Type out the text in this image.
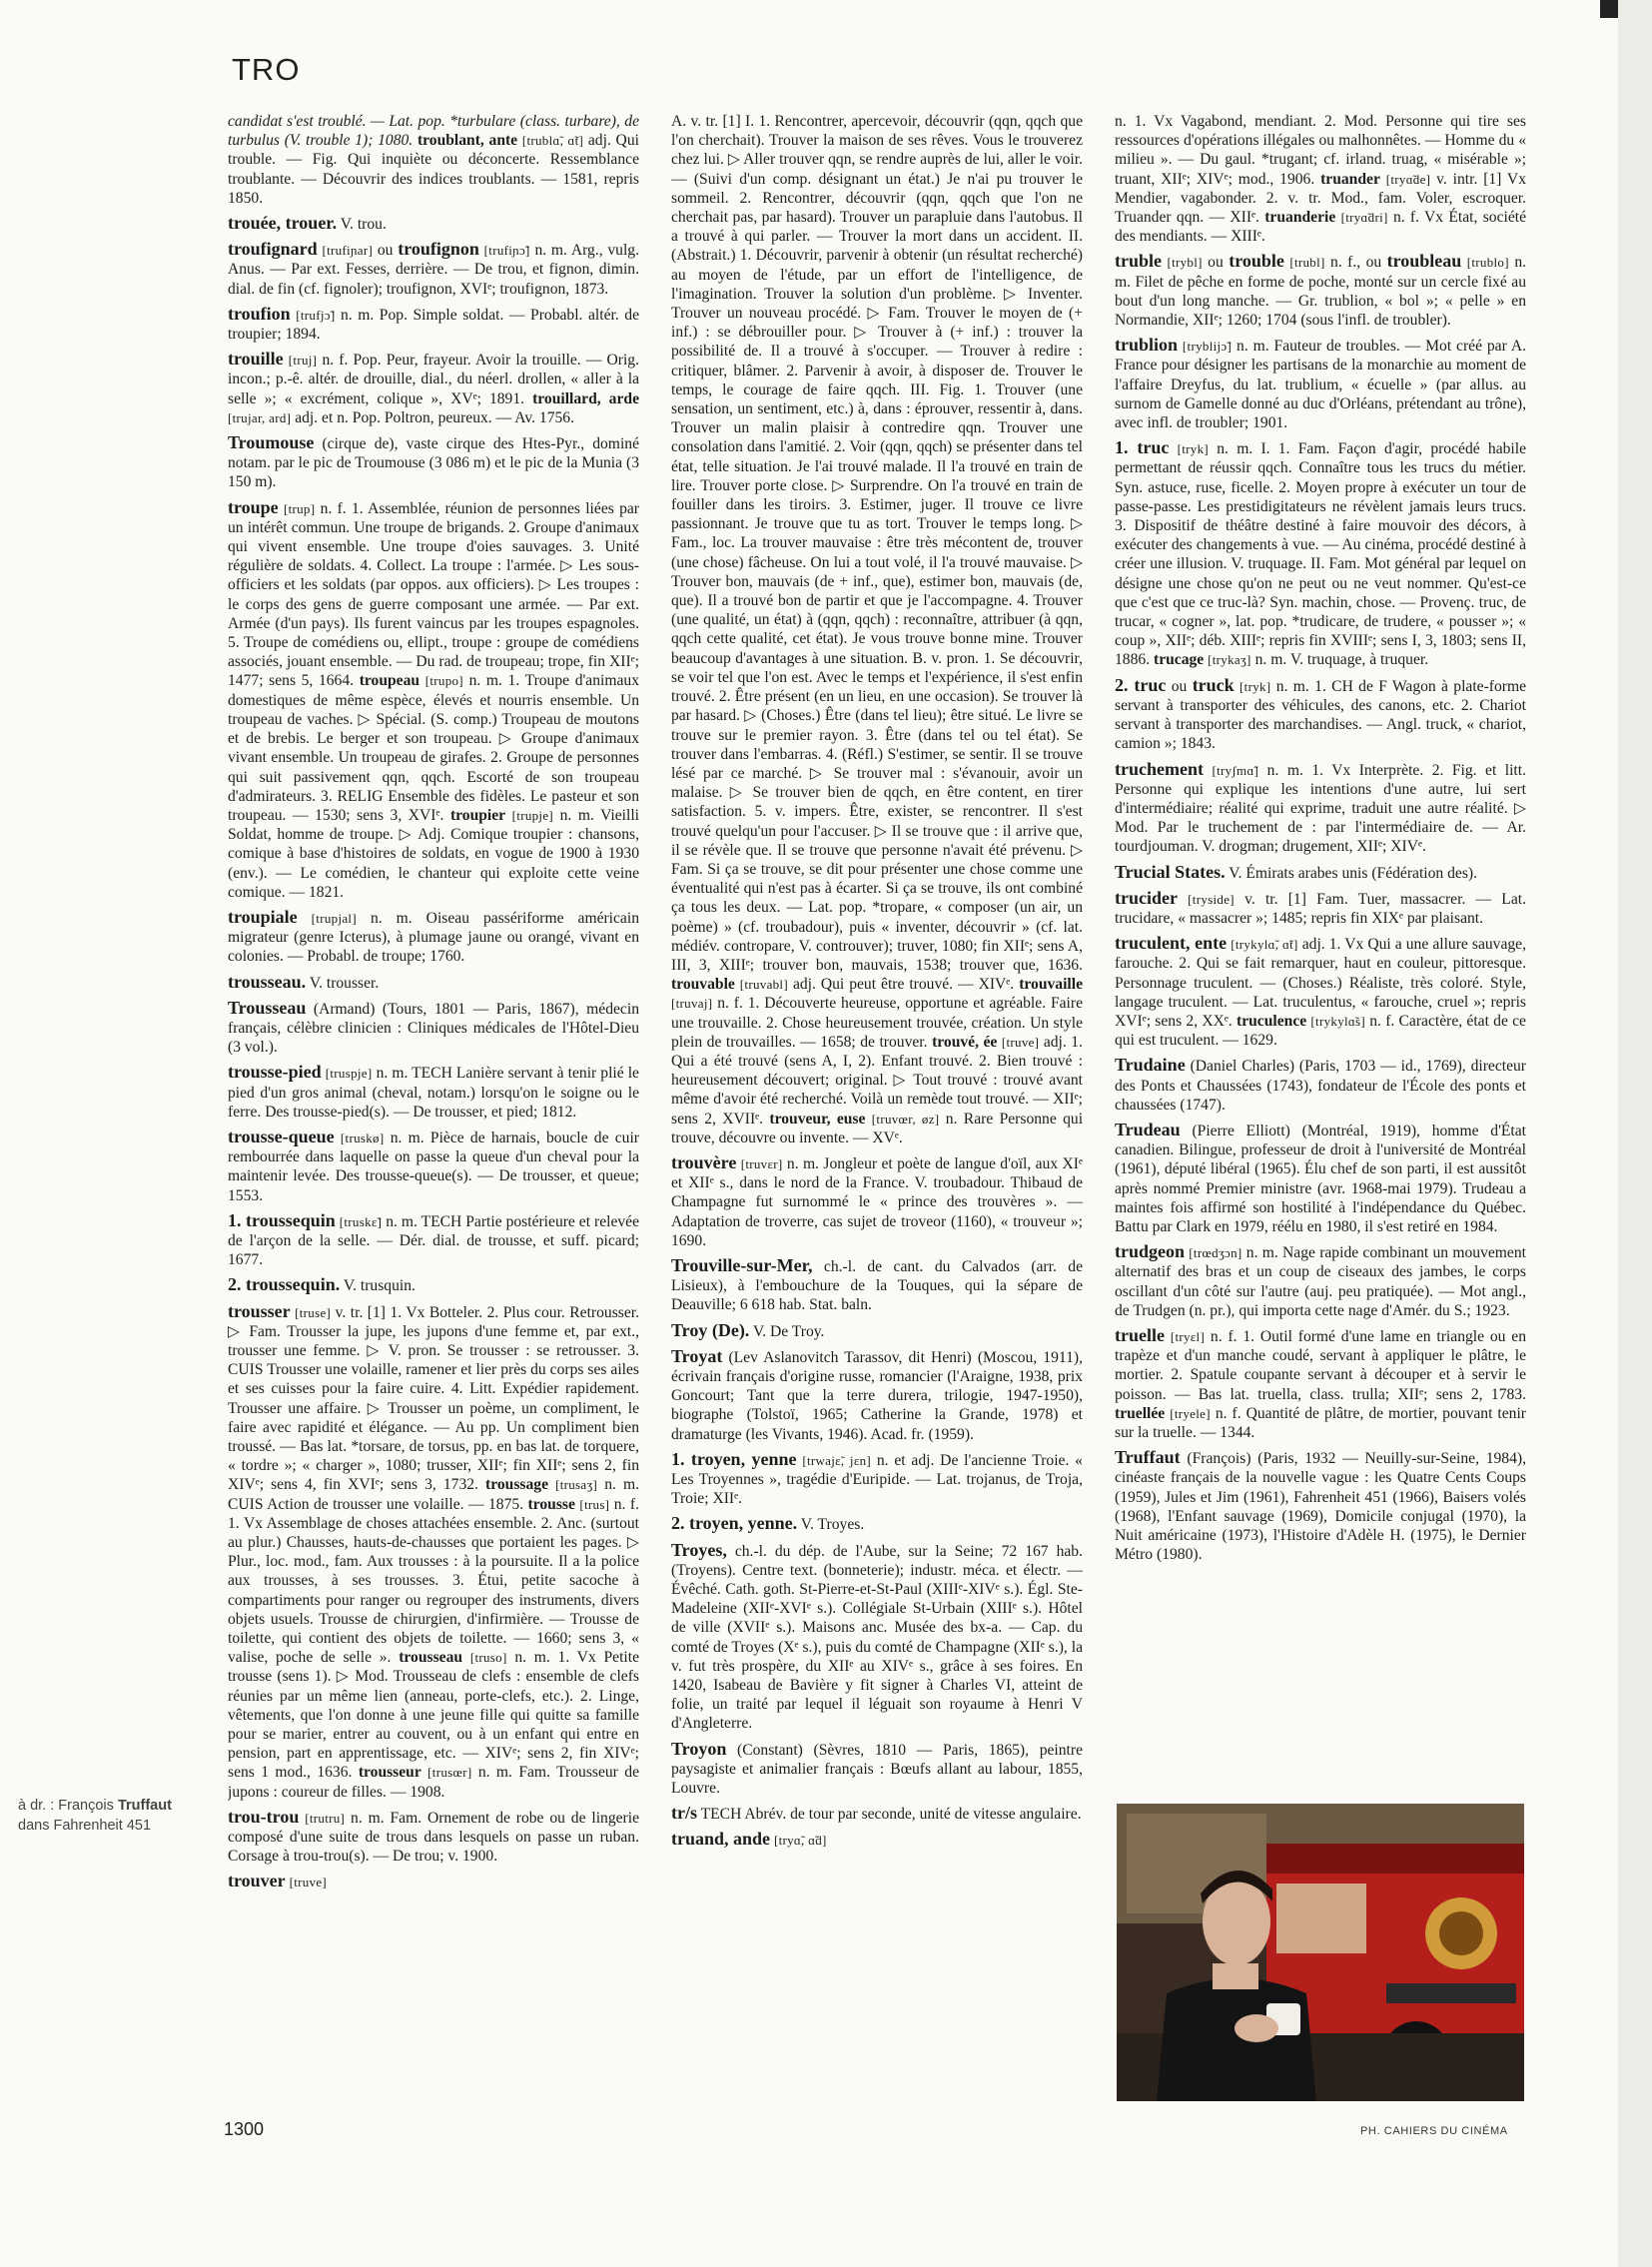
TRO

candidat s'est troublé. — Lat. pop. *turbulare (class. turbare), de turbulus (V. trouble 1); 1080. troublant, ante [trublɑ̃, ɑ̃t] adj. Qui trouble. — Fig. Qui inquiète ou déconcerte. Ressemblance troublante. — Découvrir des indices troublants. — 1581, repris 1850.

trouée, trouer. V. trou.

troufignard [trufiɲar] ou troufignon [trufiɲɔ̃] n. m. Arg., vulg. Anus. — Par ext. Fesses, derrière. — De trou, et fignon, dimin. dial. de fin (cf. fignoler); troufignon, XVIᵉ; troufignon, 1873.

troufion [trufjɔ̃] n. m. Pop. Simple soldat. — Probabl. altér. de troupier; 1894.

trouille [truj] n. f. Pop. Peur, frayeur. Avoir la trouille. — Orig. incon.; p.-ê. altér. de drouille, dial., du néerl. drollen, « aller à la selle »; « excrément, colique », XVᵉ; 1891. trouillard, arde [trujar, ard] adj. et n. Pop. Poltron, peureux. — Av. 1756.

Troumouse (cirque de), vaste cirque des Htes-Pyr., dominé notam. par le pic de Troumouse (3 086 m) et le pic de la Munia (3 150 m).

troupe [trup] n. f. 1. Assemblée, réunion de personnes liées par un intérêt commun. Une troupe de brigands. 2. Groupe d'animaux qui vivent ensemble. Une troupe d'oies sauvages. 3. Unité régulière de soldats. 4. Collect. La troupe : l'armée. ▷ Les sous-officiers et les soldats (par oppos. aux officiers). ▷ Les troupes : le corps des gens de guerre composant une armée. — Par ext. Armée (d'un pays). Ils furent vaincus par les troupes espagnoles. 5. Troupe de comédiens ou, ellipt., troupe : groupe de comédiens associés, jouant ensemble. — Du rad. de troupeau; trope, fin XIIᵉ; 1477; sens 5, 1664. troupeau [trupo] n. m. 1. Troupe d'animaux domestiques de même espèce, élevés et nourris ensemble. Un troupeau de vaches. ▷ Spécial. (S. comp.) Troupeau de moutons et de brebis. Le berger et son troupeau. ▷ Groupe d'animaux vivant ensemble. Un troupeau de girafes. 2. Groupe de personnes qui suit passivement qqn, qqch. Escorté de son troupeau d'admirateurs. 3. RELIG Ensemble des fidèles. Le pasteur et son troupeau. — 1530; sens 3, XVIᵉ. troupier [trupje] n. m. Vieilli Soldat, homme de troupe. ▷ Adj. Comique troupier : chansons, comique à base d'histoires de soldats, en vogue de 1900 à 1930 (env.). — Le comédien, le chanteur qui exploite cette veine comique. — 1821.

troupiale [trupjal] n. m. Oiseau passériforme américain migrateur (genre Icterus), à plumage jaune ou orangé, vivant en colonies. — Probabl. de troupe; 1760.

trousseau. V. trousser.

Trousseau (Armand) (Tours, 1801 — Paris, 1867), médecin français, célèbre clinicien : Cliniques médicales de l'Hôtel-Dieu (3 vol.).

trousse-pied [truspje] n. m. TECH Lanière servant à tenir plié le pied d'un gros animal (cheval, notam.) lorsqu'on le soigne ou le ferre. Des trousse-pied(s). — De trousser, et pied; 1812.

trousse-queue [truskø] n. m. Pièce de harnais, boucle de cuir rembourrée dans laquelle on passe la queue d'un cheval pour la maintenir levée. Des trousse-queue(s). — De trousser, et queue; 1553.

1. troussequin [truskɛ̃] n. m. TECH Partie postérieure et relevée de l'arçon de la selle. — Dér. dial. de trousse, et suff. picard; 1677.

2. troussequin. V. trusquin.

trousser [truse] v. tr. [1] 1. Vx Botteler. 2. Plus cour. Retrousser. ▷ Fam. Trousser la jupe, les jupons d'une femme et, par ext., trousser une femme. ▷ V. pron. Se trousser : se retrousser. 3. CUIS Trousser une volaille, ramener et lier près du corps ses ailes et ses cuisses pour la faire cuire. 4. Litt. Expédier rapidement. Trousser une affaire. ▷ Trousser un poème, un compliment, le faire avec rapidité et élégance. — Au pp. Un compliment bien troussé. — Bas lat. *torsare, de torsus, pp. en bas lat. de torquere, « tordre »; « charger », 1080; trusser, XIIᵉ; fin XIIᵉ; sens 2, fin XIVᵉ; sens 4, fin XVIᵉ; sens 3, 1732. troussage [trusaʒ] n. m. CUIS Action de trousser une volaille. — 1875. trousse [trus] n. f. 1. Vx Assemblage de choses attachées ensemble. 2. Anc. (surtout au plur.) Chausses, hauts-de-chausses que portaient les pages. ▷ Plur., loc. mod., fam. Aux trousses : à la poursuite. Il a la police aux trousses, à ses trousses. 3. Étui, petite sacoche à compartiments pour ranger ou regrouper des instruments, divers objets usuels. Trousse de chirurgien, d'infirmière. — Trousse de toilette, qui contient des objets de toilette. — 1660; sens 3, « valise, poche de selle ». trousseau [truso] n. m. 1. Vx Petite trousse (sens 1). ▷ Mod. Trousseau de clefs : ensemble de clefs réunies par un même lien (anneau, porte-clefs, etc.). 2. Linge, vêtements, que l'on donne à une jeune fille qui quitte sa famille pour se marier, entrer au couvent, ou à un enfant qui entre en pension, part en apprentissage, etc. — XIVᵉ; sens 2, fin XIVᵉ; sens 1 mod., 1636. trousseur [trusœr] n. m. Fam. Trousseur de jupons : coureur de filles. — 1908.

trou-trou [trutru] n. m. Fam. Ornement de robe ou de lingerie composé d'une suite de trous dans lesquels on passe un ruban. Corsage à trou-trou(s). — De trou; v. 1900.

trouver [truve]

A. v. tr. [1] I. 1. Rencontrer, apercevoir, découvrir (qqn, qqch que l'on cherchait). Trouver la maison de ses rêves. Vous le trouverez chez lui. ▷ Aller trouver qqn, se rendre auprès de lui, aller le voir. — (Suivi d'un comp. désignant un état.) Je n'ai pu trouver le sommeil. 2. Rencontrer, découvrir (qqn, qqch que l'on ne cherchait pas, par hasard). Trouver un parapluie dans l'autobus. Il a trouvé à qui parler. — Trouver la mort dans un accident. II. (Abstrait.) 1. Découvrir, parvenir à obtenir (un résultat recherché) au moyen de l'étude, par un effort de l'intelligence, de l'imagination. Trouver la solution d'un problème. ▷ Inventer. Trouver un nouveau procédé. ▷ Fam. Trouver le moyen de (+ inf.) : se débrouiller pour. ▷ Trouver à (+ inf.) : trouver la possibilité de. Il a trouvé à s'occuper. — Trouver à redire : critiquer, blâmer. 2. Parvenir à avoir, à disposer de. Trouver le temps, le courage de faire qqch. III. Fig. 1. Trouver (une sensation, un sentiment, etc.) à, dans : éprouver, ressentir à, dans. Trouver un malin plaisir à contredire qqn. Trouver une consolation dans l'amitié. 2. Voir (qqn, qqch) se présenter dans tel état, telle situation. Je l'ai trouvé malade. Il l'a trouvé en train de lire. Trouver porte close. ▷ Surprendre. On l'a trouvé en train de fouiller dans les tiroirs. 3. Estimer, juger. Il trouve ce livre passionnant. Je trouve que tu as tort. Trouver le temps long. ▷ Fam., loc. La trouver mauvaise : être très mécontent de, trouver (une chose) fâcheuse. On lui a tout volé, il l'a trouvé mauvaise. ▷ Trouver bon, mauvais (de + inf., que), estimer bon, mauvais (de, que). Il a trouvé bon de partir et que je l'accompagne. 4. Trouver (une qualité, un état) à (qqn, qqch) : reconnaître, attribuer (à qqn, qqch cette qualité, cet état). Je vous trouve bonne mine. Trouver beaucoup d'avantages à une situation. B. v. pron. 1. Se découvrir, se voir tel que l'on est. Avec le temps et l'expérience, il s'est enfin trouvé. 2. Être présent (en un lieu, en une occasion). Se trouver là par hasard. ▷ (Choses.) Être (dans tel lieu); être situé. Le livre se trouve sur le premier rayon. 3. Être (dans tel ou tel état). Se trouver dans l'embarras. 4. (Réfl.) S'estimer, se sentir. Il se trouve lésé par ce marché. ▷ Se trouver mal : s'évanouir, avoir un malaise. ▷ Se trouver bien de qqch, en être content, en tirer satisfaction. 5. v. impers. Être, exister, se rencontrer. Il s'est trouvé quelqu'un pour l'accuser. ▷ Il se trouve que : il arrive que, il se révèle que. Il se trouve que personne n'avait été prévenu. ▷ Fam. Si ça se trouve, se dit pour présenter une chose comme une éventualité qui n'est pas à écarter. Si ça se trouve, ils ont combiné ça tous les deux. — Lat. pop. *tropare, « composer (un air, un poème) » (cf. troubadour), puis « inventer, découvrir » (cf. lat. médiév. contropare, V. controuver); truver, 1080; fin XIIᵉ; sens A, III, 3, XIIIᵉ; trouver bon, mauvais, 1538; trouver que, 1636. trouvable [truvabl] adj. Qui peut être trouvé. — XIVᵉ. trouvaille [truvaj] n. f. 1. Découverte heureuse, opportune et agréable. Faire une trouvaille. 2. Chose heureusement trouvée, création. Un style plein de trouvailles. — 1658; de trouver. trouvé, ée [truve] adj. 1. Qui a été trouvé (sens A, I, 2). Enfant trouvé. 2. Bien trouvé : heureusement découvert; original. ▷ Tout trouvé : trouvé avant même d'avoir été recherché. Voilà un remède tout trouvé. — XIIᵉ; sens 2, XVIIᵉ. trouveur, euse [truvœr, øz] n. Rare Personne qui trouve, découvre ou invente. — XVᵉ.

trouvère [truvɛr] n. m. Jongleur et poète de langue d'oïl, aux XIᵉ et XIIᵉ s., dans le nord de la France. V. troubadour. Thibaud de Champagne fut surnommé le « prince des trouvères ». — Adaptation de troverre, cas sujet de troveor (1160), « trouveur »; 1690.

Trouville-sur-Mer, ch.-l. de cant. du Calvados (arr. de Lisieux), à l'embouchure de la Touques, qui la sépare de Deauville; 6 618 hab. Stat. baln.

Troy (De). V. De Troy.

Troyat (Lev Aslanovitch Tarassov, dit Henri) (Moscou, 1911), écrivain français d'origine russe, romancier (l'Araigne, 1938, prix Goncourt; Tant que la terre durera, trilogie, 1947-1950), biographe (Tolstoï, 1965; Catherine la Grande, 1978) et dramaturge (les Vivants, 1946). Acad. fr. (1959).

1. troyen, yenne [trwajɛ̃, jɛn] n. et adj. De l'ancienne Troie. « Les Troyennes », tragédie d'Euripide. — Lat. trojanus, de Troja, Troie; XIIᵉ.

2. troyen, yenne. V. Troyes.

Troyes, ch.-l. du dép. de l'Aube, sur la Seine; 72 167 hab. (Troyens). Centre text. (bonneterie); industr. méca. et électr. — Évêché. Cath. goth. St-Pierre-et-St-Paul (XIIIᵉ-XIVᵉ s.). Égl. Ste-Madeleine (XIIᵉ-XVIᵉ s.). Collégiale St-Urbain (XIIIᵉ s.). Hôtel de ville (XVIIᵉ s.). Maisons anc. Musée des bx-a. — Cap. du comté de Troyes (Xᵉ s.), puis du comté de Champagne (XIIᵉ s.), la v. fut très prospère, du XIIᵉ au XIVᵉ s., grâce à ses foires. En 1420, Isabeau de Bavière y fit signer à Charles VI, atteint de folie, un traité par lequel il léguait son royaume à Henri V d'Angleterre.

Troyon (Constant) (Sèvres, 1810 — Paris, 1865), peintre paysagiste et animalier français : Bœufs allant au labour, 1855, Louvre.

tr/s TECH Abrév. de tour par seconde, unité de vitesse angulaire.

truand, ande [tryɑ̃, ɑ̃d]

n. 1. Vx Vagabond, mendiant. 2. Mod. Personne qui tire ses ressources d'opérations illégales ou malhonnêtes. — Homme du « milieu ». — Du gaul. *trugant; cf. irland. truag, « misérable »; truant, XIIᵉ; XIVᵉ; mod., 1906. truander [tryɑ̃de] v. intr. [1] Vx Mendier, vagabonder. 2. v. tr. Mod., fam. Voler, escroquer. Truander qqn. — XIIᵉ. truanderie [tryɑ̃dri] n. f. Vx État, société des mendiants. — XIIIᵉ.

truble [trybl] ou trouble [trubl] n. f., ou troubleau [trublo] n. m. Filet de pêche en forme de poche, monté sur un cercle fixé au bout d'un long manche. — Gr. trublion, « bol »; « pelle » en Normandie, XIIᵉ; 1260; 1704 (sous l'infl. de troubler).

trublion [tryblijɔ̃] n. m. Fauteur de troubles. — Mot créé par A. France pour désigner les partisans de la monarchie au moment de l'affaire Dreyfus, du lat. trublium, « écuelle » (par allus. au surnom de Gamelle donné au duc d'Orléans, prétendant au trône), avec infl. de troubler; 1901.

1. truc [tryk] n. m. I. 1. Fam. Façon d'agir, procédé habile permettant de réussir qqch. Connaître tous les trucs du métier. Syn. astuce, ruse, ficelle. 2. Moyen propre à exécuter un tour de passe-passe. Les prestidigitateurs ne révèlent jamais leurs trucs. 3. Dispositif de théâtre destiné à faire mouvoir des décors, à exécuter des changements à vue. — Au cinéma, procédé destiné à créer une illusion. V. truquage. II. Fam. Mot général par lequel on désigne une chose qu'on ne peut ou ne veut nommer. Qu'est-ce que c'est que ce truc-là? Syn. machin, chose. — Provenç. truc, de trucar, « cogner », lat. pop. *trudicare, de trudere, « pousser »; « coup », XIIᵉ; déb. XIIIᵉ; repris fin XVIIIᵉ; sens I, 3, 1803; sens II, 1886. trucage [trykaʒ] n. m. V. truquage, à truquer.

2. truc ou truck [tryk] n. m. 1. CH de F Wagon à plate-forme servant à transporter des véhicules, des canons, etc. 2. Chariot servant à transporter des marchandises. — Angl. truck, « chariot, camion »; 1843.

truchement [tryʃmɑ̃] n. m. 1. Vx Interprète. 2. Fig. et litt. Personne qui explique les intentions d'une autre, lui sert d'intermédiaire; réalité qui exprime, traduit une autre réalité. ▷ Mod. Par le truchement de : par l'intermédiaire de. — Ar. tourdjouman. V. drogman; drugement, XIIᵉ; XIVᵉ.

Trucial States. V. Émirats arabes unis (Fédération des).

trucider [tryside] v. tr. [1] Fam. Tuer, massacrer. — Lat. trucidare, « massacrer »; 1485; repris fin XIXᵉ par plaisant.

truculent, ente [trykylɑ̃, ɑ̃t] adj. 1. Vx Qui a une allure sauvage, farouche. 2. Qui se fait remarquer, haut en couleur, pittoresque. Personnage truculent. — (Choses.) Réaliste, très coloré. Style, langage truculent. — Lat. truculentus, « farouche, cruel »; repris XVIᵉ; sens 2, XXᵉ. truculence [trykylɑ̃s] n. f. Caractère, état de ce qui est truculent. — 1629.

Trudaine (Daniel Charles) (Paris, 1703 — id., 1769), directeur des Ponts et Chaussées (1743), fondateur de l'École des ponts et chaussées (1747).

Trudeau (Pierre Elliott) (Montréal, 1919), homme d'État canadien. Bilingue, professeur de droit à l'université de Montréal (1961), député libéral (1965). Élu chef de son parti, il est aussitôt après nommé Premier ministre (avr. 1968-mai 1979). Trudeau a maintes fois affirmé son hostilité à l'indépendance du Québec. Battu par Clark en 1979, réélu en 1980, il s'est retiré en 1984.

trudgeon [trœdʒɔn] n. m. Nage rapide combinant un mouvement alternatif des bras et un coup de ciseaux des jambes, le corps oscillant d'un côté sur l'autre (auj. peu pratiquée). — Mot angl., de Trudgen (n. pr.), qui importa cette nage d'Amér. du S.; 1923.

truelle [tryɛl] n. f. 1. Outil formé d'une lame en triangle ou en trapèze et d'un manche coudé, servant à appliquer le plâtre, le mortier. 2. Spatule coupante servant à découper et à servir le poisson. — Bas lat. truella, class. trulla; XIIᵉ; sens 2, 1783. truellée [tryele] n. f. Quantité de plâtre, de mortier, pouvant tenir sur la truelle. — 1344.

Truffaut (François) (Paris, 1932 — Neuilly-sur-Seine, 1984), cinéaste français de la nouvelle vague : les Quatre Cents Coups (1959), Jules et Jim (1961), Fahrenheit 451 (1966), Baisers volés (1968), l'Enfant sauvage (1969), Domicile conjugal (1970), la Nuit américaine (1973), l'Histoire d'Adèle H. (1975), le Dernier Métro (1980).

à dr. : François Truffaut
dans Fahrenheit 451
1300	PH. CAHIERS DU CINÉMA
